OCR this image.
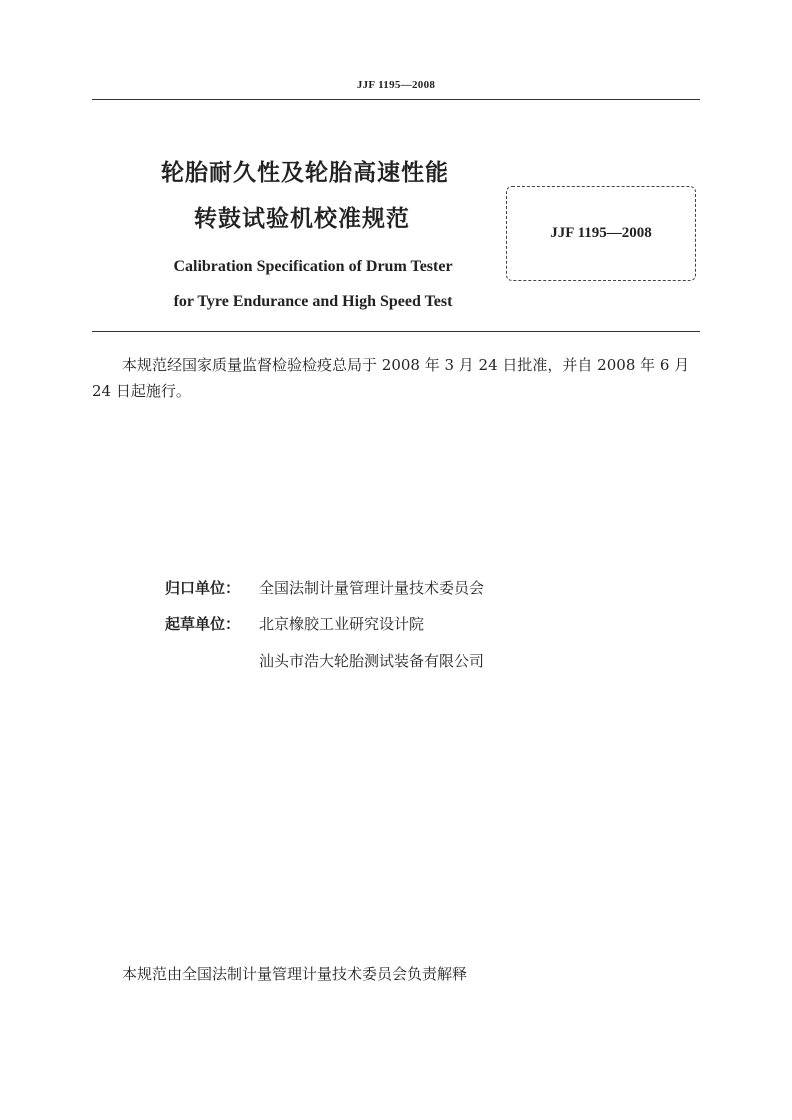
JJF 1195—2008
轮胎耐久性及轮胎高速性能
转鼓试验机校准规范
Calibration Specification of Drum Tester
for Tyre Endurance and High Speed Test
JJF 1195—2008
本规范经国家质量监督检验检疫总局于 2008 年 3 月 24 日批准，并自 2008 年 6 月 24 日起施行。
归口单位： 全国法制计量管理计量技术委员会
起草单位： 北京橡胶工业研究设计院
汕头市浩大轮胎测试装备有限公司
本规范由全国法制计量管理计量技术委员会负责解释
